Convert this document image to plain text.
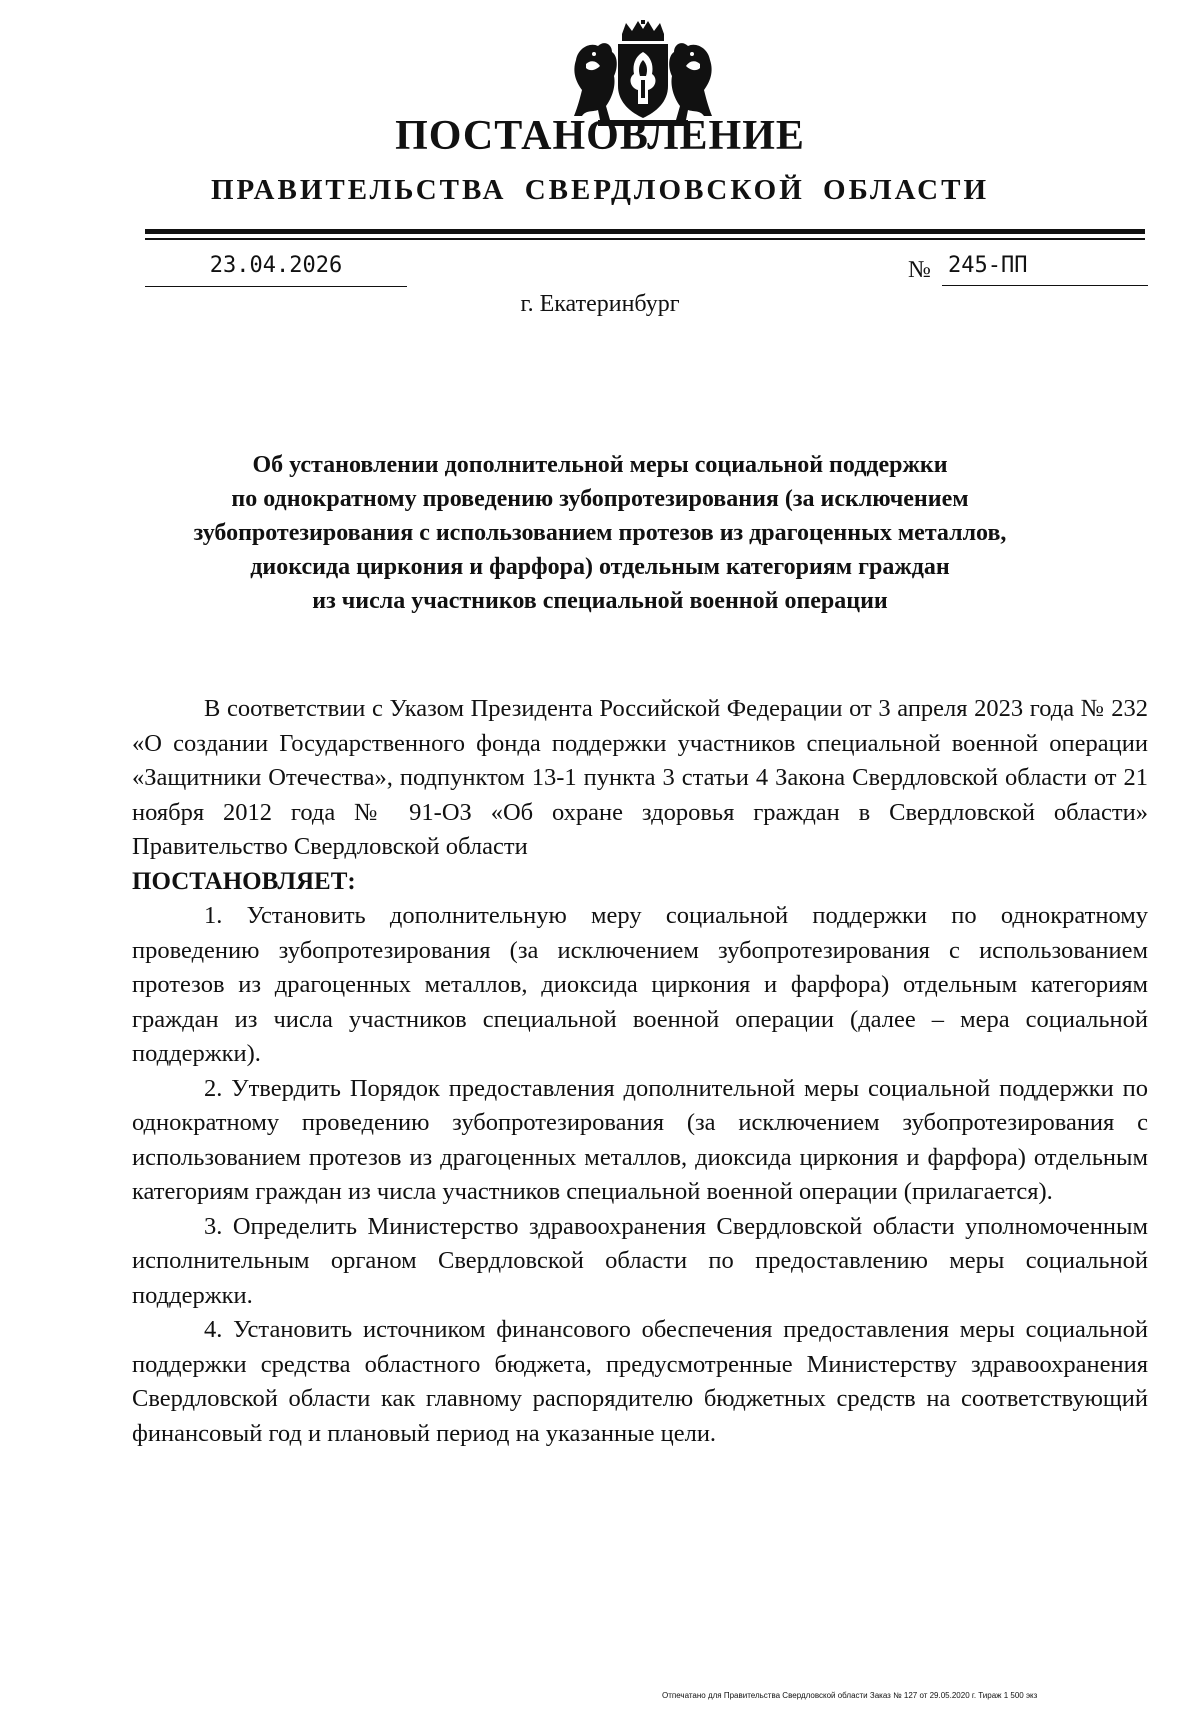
ПОСТАНОВЛЕНИЕ
ПРАВИТЕЛЬСТВА СВЕРДЛОВСКОЙ ОБЛАСТИ
23.04.2026	№ 245-ПП
г. Екатеринбург
Об установлении дополнительной меры социальной поддержки
по однократному проведению зубопротезирования (за исключением
зубопротезирования с использованием протезов из драгоценных металлов,
диоксида циркония и фарфора) отдельным категориям граждан
из числа участников специальной военной операции

В соответствии с Указом Президента Российской Федерации от 3 апреля 2023 года № 232 «О создании Государственного фонда поддержки участников специальной военной операции «Защитники Отечества», подпунктом 13-1 пункта 3 статьи 4 Закона Свердловской области от 21 ноября 2012 года № 91-ОЗ «Об охране здоровья граждан в Свердловской области» Правительство Свердловской области

ПОСТАНОВЛЯЕТ:

1. Установить дополнительную меру социальной поддержки по однократному проведению зубопротезирования (за исключением зубопротезирования с использованием протезов из драгоценных металлов, диоксида циркония и фарфора) отдельным категориям граждан из числа участников специальной военной операции (далее – мера социальной поддержки).

2. Утвердить Порядок предоставления дополнительной меры социальной поддержки по однократному проведению зубопротезирования (за исключением зубопротезирования с использованием протезов из драгоценных металлов, диоксида циркония и фарфора) отдельным категориям граждан из числа участников специальной военной операции (прилагается).

3. Определить Министерство здравоохранения Свердловской области уполномоченным исполнительным органом Свердловской области по предоставлению меры социальной поддержки.

4. Установить источником финансового обеспечения предоставления меры социальной поддержки средства областного бюджета, предусмотренные Министерству здравоохранения Свердловской области как главному распорядителю бюджетных средств на соответствующий финансовый год и плановый период на указанные цели.

Отпечатано для Правительства Свердловской области Заказ № 127 от 29.05.2020 г. Тираж 1 500 экз
